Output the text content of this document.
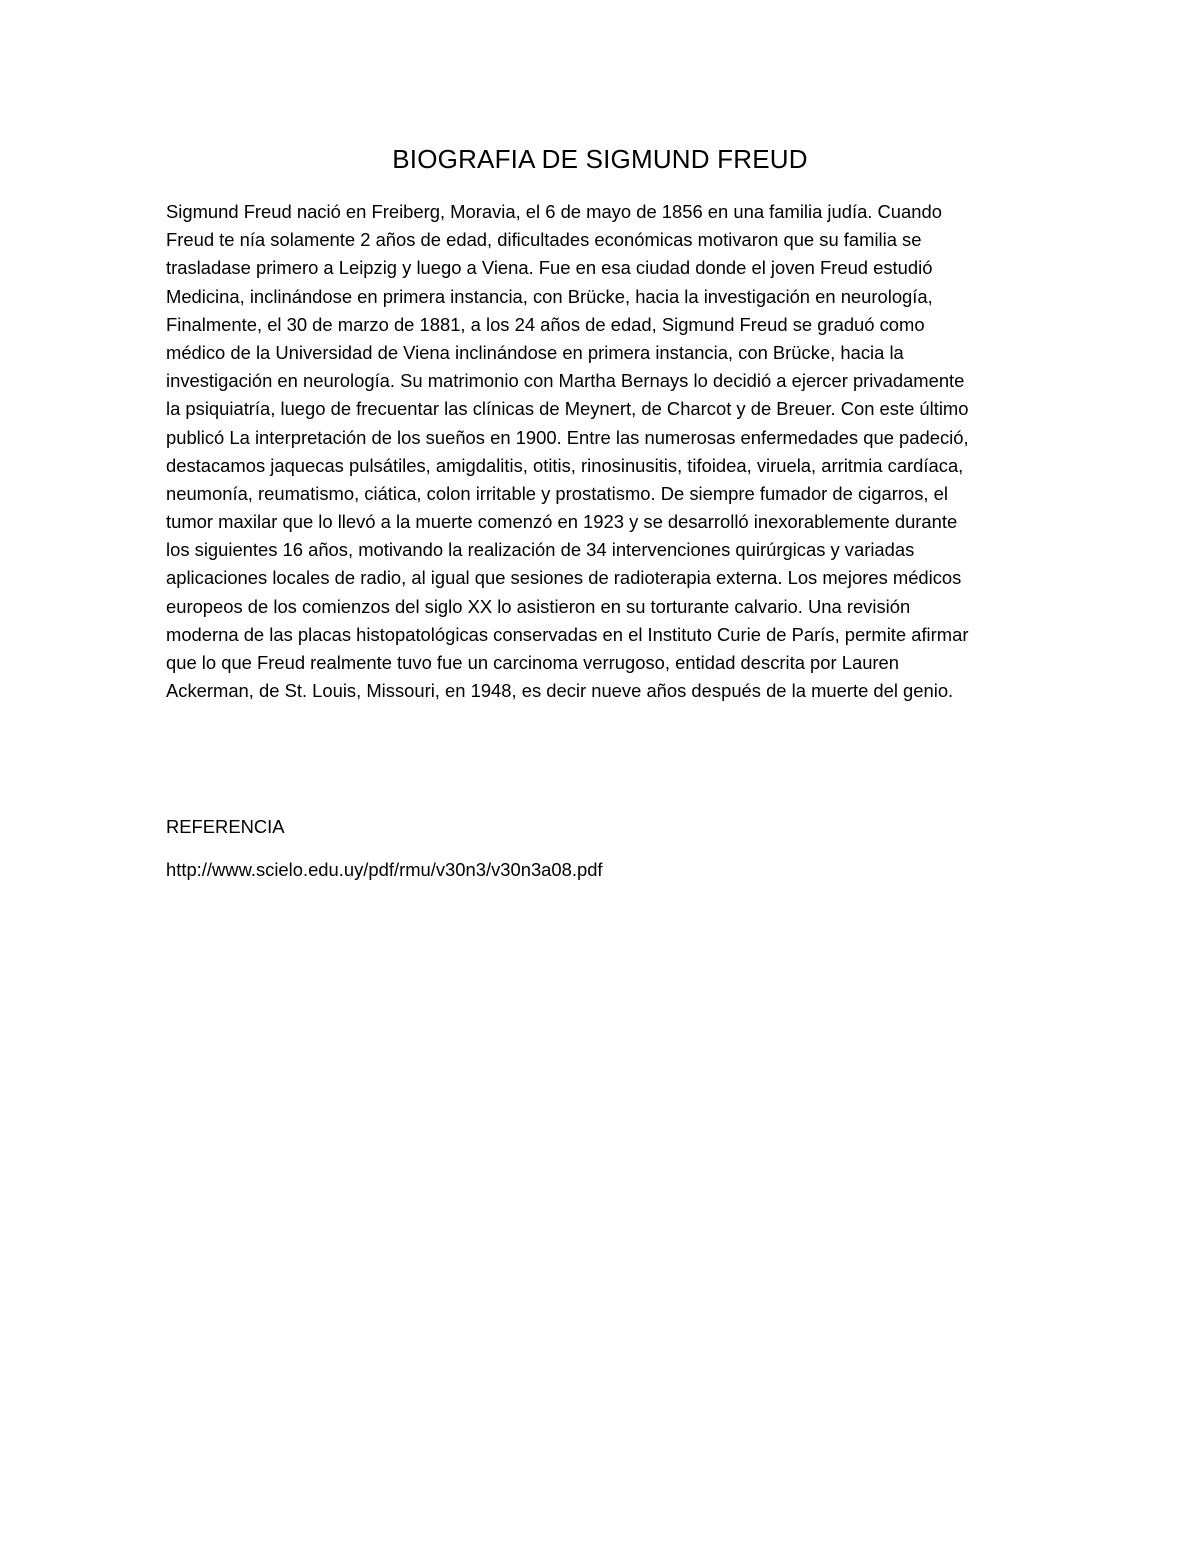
BIOGRAFIA DE SIGMUND FREUD
Sigmund Freud nació en Freiberg, Moravia, el 6 de mayo de 1856 en una familia judía. Cuando
Freud te nía solamente 2 años de edad, dificultades económicas motivaron que su familia se
trasladase primero a Leipzig y luego a Viena. Fue en esa ciudad donde el joven Freud estudió
Medicina, inclinándose en primera instancia, con Brücke, hacia la investigación en neurología,
Finalmente, el 30 de marzo de 1881, a los 24 años de edad, Sigmund Freud se graduó como
médico de la Universidad de Viena inclinándose en primera instancia, con Brücke, hacia la
investigación en neurología. Su matrimonio con Martha Bernays lo decidió a ejercer privadamente
la psiquiatría, luego de frecuentar las clínicas de Meynert, de Charcot y de Breuer. Con este último
publicó La interpretación de los sueños en 1900. Entre las numerosas enfermedades que padeció,
destacamos jaquecas pulsátiles, amigdalitis, otitis, rinosinusitis, tifoidea, viruela, arritmia cardíaca,
neumonía, reumatismo, ciática, colon irritable y prostatismo. De siempre fumador de cigarros, el
tumor maxilar que lo llevó a la muerte comenzó en 1923 y se desarrolló inexorablemente durante
los siguientes 16 años, motivando la realización de 34 intervenciones quirúrgicas y variadas
aplicaciones locales de radio, al igual que sesiones de radioterapia externa. Los mejores médicos
europeos de los comienzos del siglo XX lo asistieron en su torturante calvario. Una revisión
moderna de las placas histopatológicas conservadas en el Instituto Curie de París, permite afirmar
que lo que Freud realmente tuvo fue un carcinoma verrugoso, entidad descrita por Lauren
Ackerman, de St. Louis, Missouri, en 1948, es decir nueve años después de la muerte del genio.
REFERENCIA

http://www.scielo.edu.uy/pdf/rmu/v30n3/v30n3a08.pdf
